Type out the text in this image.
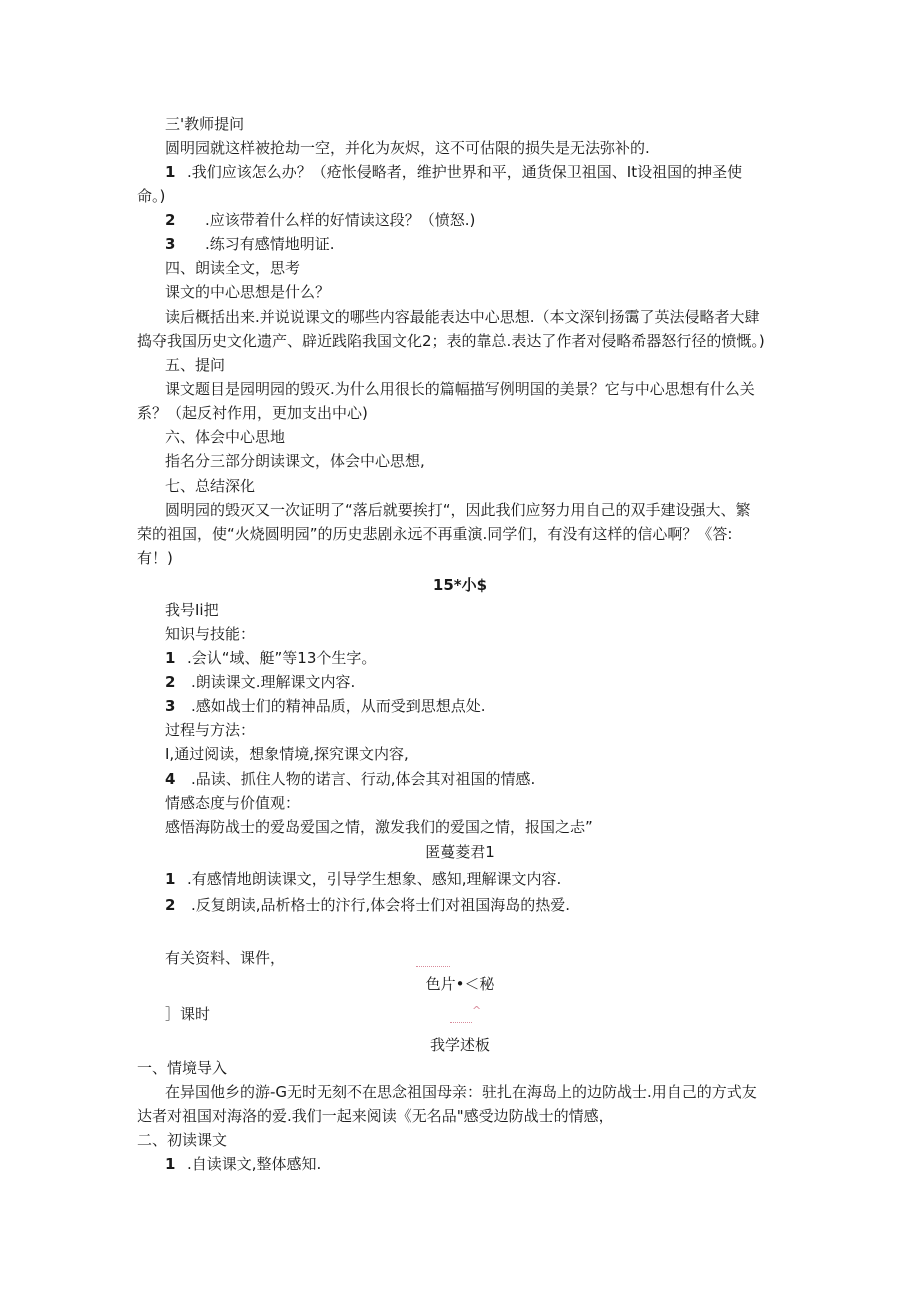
三'教师提问
圆明园就这样被抢劫一空，并化为灰烬，这不可估限的损失是无法弥补的.
1 .我们应该怎么办？（疮怅侵略者，维护世界和平，通货保卫祖国、It设祖国的抻圣使
命。)
2 .应该带着什么样的好情读这段？（愤怒.)
3 .练习有感情地明证.
四、朗读全文，思考
课文的中心思想是什么？
读后概括出来.并说说课文的哪些内容最能表达中心思想.（本文深钊扬霭了英法侵略者大肆
捣夺我国历史文化遗产、辟近践陷我国文化2；表的靠总.表达了作者对侵略希器怒行径的愤慨。)
五、提问
课文题目是园明园的毁灭.为什么用很长的篇幅描写例明国的美景？它与中心思想有什么关
系？（起反衬作用，更加支出中心)
六、体会中心思地
指名分三部分朗读课文，体会中心思想,
七、总结深化
圆明园的毁灭又一次证明了“落后就要挨打“，因此我们应努力用自己的双手建设强大、繁
荣的祖国，使“火烧圆明园”的历史悲剧永远不再重演.同学们，有没有这样的信心啊？《答:
有！)
15*小$
我号Ii把
知识与技能：
1 .会认“域、艇”等13个生字。
2 .朗读课文.理解课文内容.
3 .感如战士们的精神品质，从而受到思想点处.
过程与方法：
I,通过阅读，想象情境,探究课文内容,
4 .品读、抓住人物的诺言、行动,体会其对祖国的情感.
情感态度与价值观：
感悟海防战士的爱岛爱国之情，激发我们的爱国之情，报国之忐”
匿蔓菱君1
1 .有感情地朗读课文，引导学生想象、感知,理解课文内容.
2 .反复朗读,品析格士的汴行,体会将士们对祖国海岛的热爱.
有关资料、课件，
色片•＜秘
］课时	^
我学述板
一、情境导入
在异国他乡的游-G无时无刻不在思念祖国母亲：驻扎在海岛上的边防战士.用自己的方式友
达者对祖国对海洛的爱.我们一起来阅读《无名品"感受边防战士的情感，
二、初读课文
1 .自读课文,整体感知.
